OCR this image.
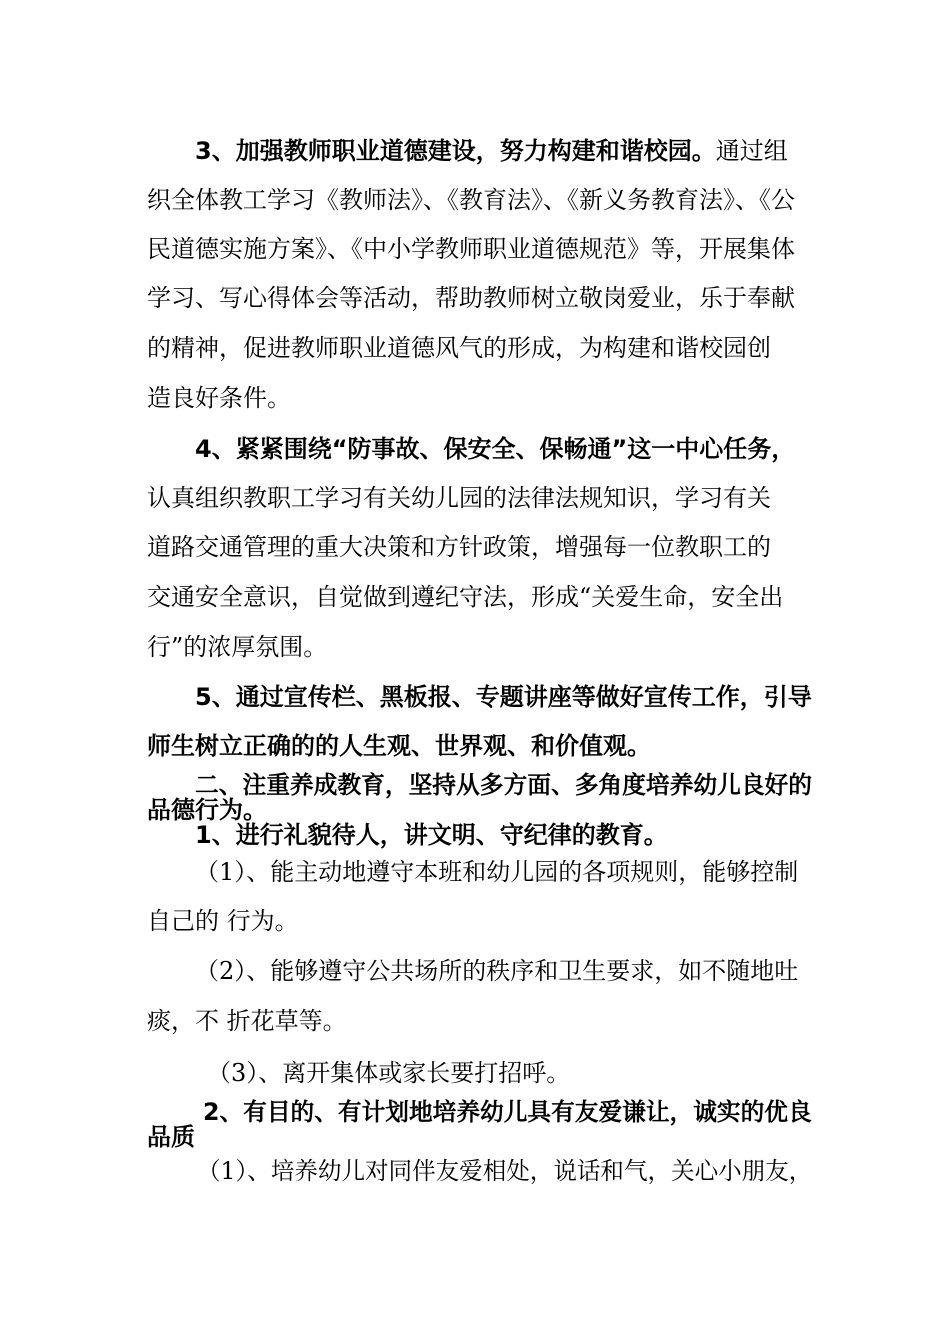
3、加强教师职业道德建设，努力构建和谐校园。通过组

织全体教工学习《教师法》、《教育法》、《新义务教育法》、《公

民道德实施方案》、《中小学教师职业道德规范》等，开展集体

学习、写心得体会等活动，帮助教师树立敬岗爱业，乐于奉献

的精神，促进教师职业道德风气的形成，为构建和谐校园创

造良好条件。

4、紧紧围绕“防事故、保安全、保畅通”这一中心任务，

认真组织教职工学习有关幼儿园的法律法规知识，学习有关

道路交通管理的重大决策和方针政策，增强每一位教职工的

交通安全意识，自觉做到遵纪守法，形成“关爱生命，安全出

行”的浓厚氛围。

5、通过宣传栏、黑板报、专题讲座等做好宣传工作，引导

师生树立正确的的人生观、世界观、和价值观。

二、注重养成教育，坚持从多方面、多角度培养幼儿良好的

品德行为。

1、进行礼貌待人，讲文明、守纪律的教育。

（1）、能主动地遵守本班和幼儿园的各项规则，能够控制

自己的 行为。

（2）、能够遵守公共场所的秩序和卫生要求，如不随地吐

痰，不 折花草等。

（3）、离开集体或家长要打招呼。

2、有目的、有计划地培养幼儿具有友爱谦让，诚实的优良

品质

（1）、培养幼儿对同伴友爱相处，说话和气，关心小朋友，
